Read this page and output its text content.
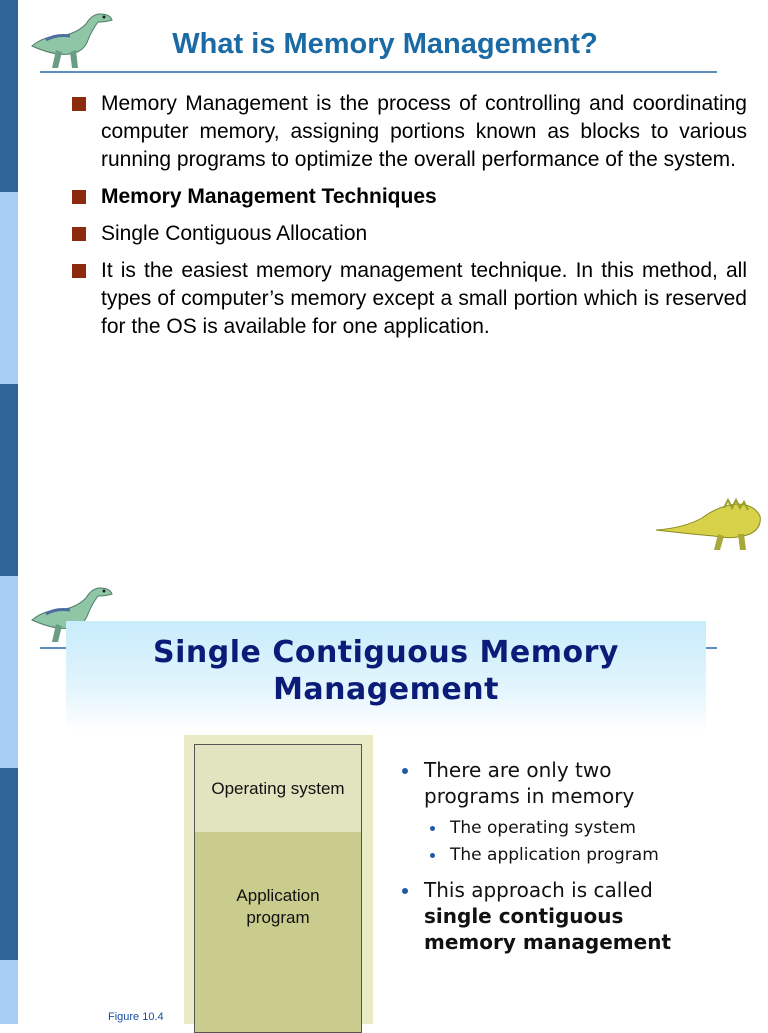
What is Memory Management?
Memory Management is the process of controlling and coordinating computer memory, assigning portions known as blocks to various running programs to optimize the overall performance of the system.
Memory Management Techniques
Single Contiguous Allocation
It is the easiest memory management technique. In this method, all types of computer’s memory except a small portion which is reserved for the OS is available for one application.
Single Contiguous Memory
Management
Operating system
Application
program
Figure 10.4
There are only two programs in memory
The operating system
The application program
This approach is called single contiguous memory management
